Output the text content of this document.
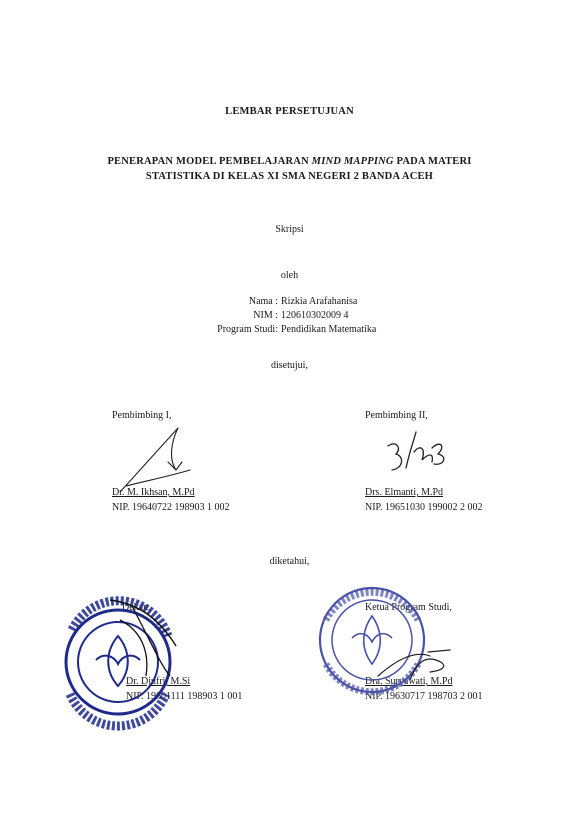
LEMBAR PERSETUJUAN
PENERAPAN MODEL PEMBELAJARAN MIND MAPPING PADA MATERI
STATISTIKA DI KELAS XI SMA NEGERI 2 BANDA ACEH
Skripsi
oleh
Nama : Rizkia Arafahanisa
NIM : 120610302009 4
Program Studi: Pendidikan Matematika
disetujui,
Pembimbing I,	Pembimbing II,
Dr. M. Ikhsan, M.Pd
NIP. 19640722 198903 1 002
Drs. Elmanti, M.Pd
NIP. 19651030 199002 2 002
diketahui,
Dekan,	Ketua Program Studi,
Dr. Djufri, M.Si
NIP. 19601111 198903 1 001
Dra. Suryawati, M.Pd
NIP. 19630717 198703 2 001
